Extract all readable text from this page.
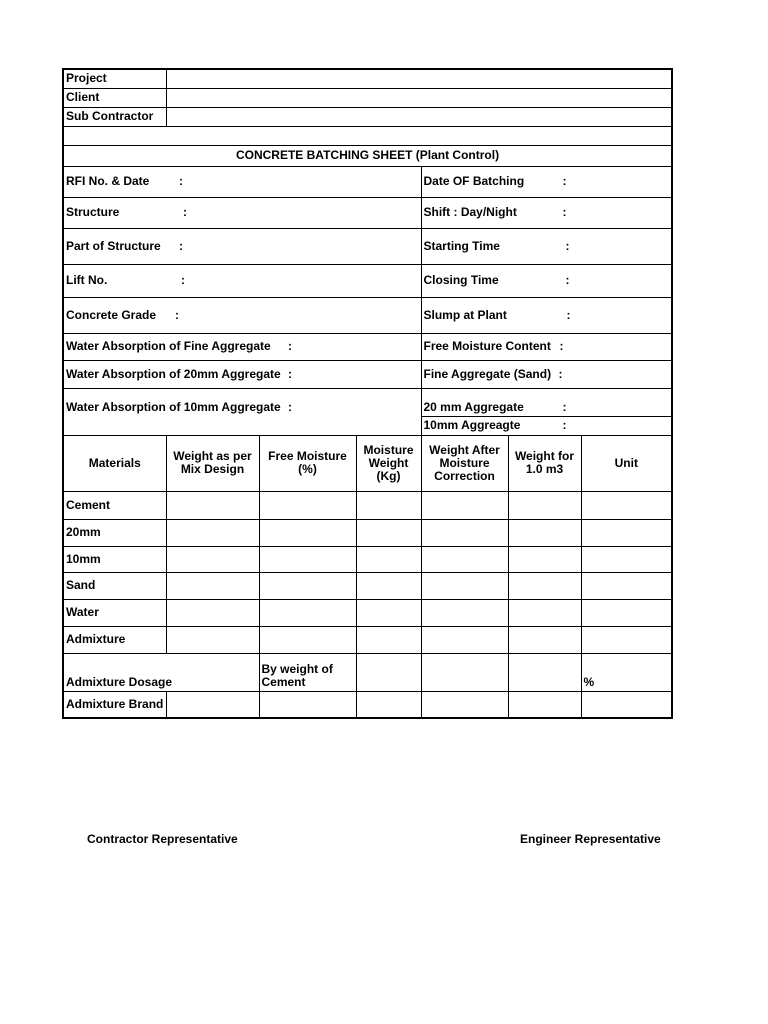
Project						
Client						
Sub Contractor						

CONCRETE BATCHING SHEET (Plant Control)						
RFI No. & Date :				Date OF Batching :		

Structure :				Shift : Day/Night :		

Part of Structure :				Starting Time :		

Lift No. :				Closing Time :		

Concrete Grade :				Slump at Plant :		

Water Absorption of Fine Aggregate :				Free Moisture Content :		

Water Absorption of 20mm Aggregate :				Fine Aggregate (Sand) :		

Water Absorption of 10mm Aggregate :				20 mm Aggregate :		

				10mm Aggreagte :		

Materials	Weight as per Mix Design	Free Moisture (%)	Moisture Weight (Kg)	Weight After Moisture Correction	Weight for 1.0 m3	Unit
Cement						
20mm						
10mm						
Sand						
Water						
Admixture						
Admixture Dosage		By weight of Cement				%
Admixture Brand						
Contractor Representative	Engineer Representative
